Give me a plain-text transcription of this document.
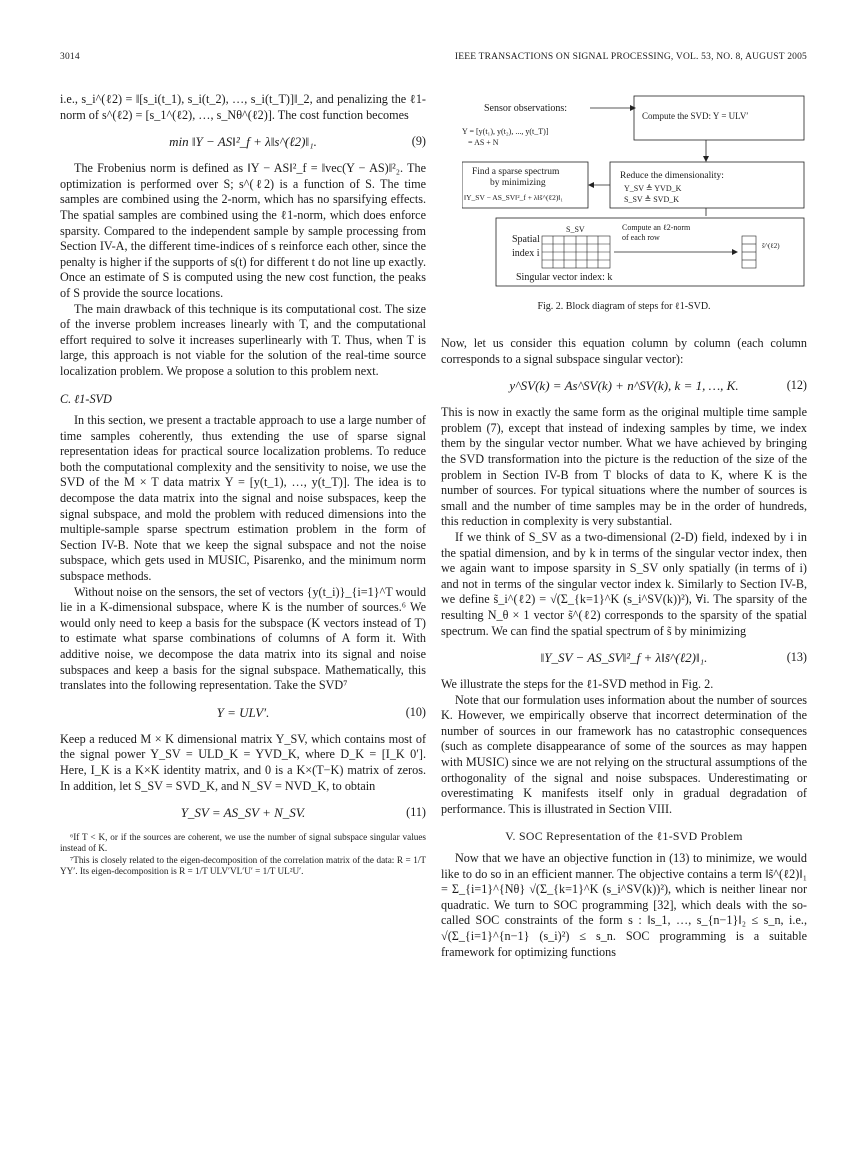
3014	IEEE TRANSACTIONS ON SIGNAL PROCESSING, VOL. 53, NO. 8, AUGUST 2005

i.e., s_i^(ℓ2) = ‖[s_i(t_1), s_i(t_2), …, s_i(t_T)]‖_2, and penalizing the ℓ1-norm of s^(ℓ2) = [s_1^(ℓ2), …, s_Nθ^(ℓ2)]. The cost function becomes

min ‖Y − AS‖²_f + λ‖s^(ℓ2)‖₁.	(9)

The Frobenius norm is defined as ‖Y − AS‖²_f = ‖vec(Y − AS)‖²₂. The optimization is performed over S; s^(ℓ2) is a function of S. The time samples are combined using the 2-norm, which has no sparsifying effects. The spatial samples are combined using the ℓ1-norm, which does enforce sparsity. Compared to the independent sample by sample processing from Section IV-A, the different time-indices of s reinforce each other, since the penalty is higher if the supports of s(t) for different t do not line up exactly. Once an estimate of S is computed using the new cost function, the peaks of S provide the source locations.

The main drawback of this technique is its computational cost. The size of the inverse problem increases linearly with T, and the computational effort required to solve it increases superlinearly with T. Thus, when T is large, this approach is not viable for the solution of the real-time source localization problem. We propose a solution to this problem next.

C. ℓ1-SVD

In this section, we present a tractable approach to use a large number of time samples coherently, thus extending the use of sparse signal representation ideas for practical source localization problems. To reduce both the computational complexity and the sensitivity to noise, we use the SVD of the M × T data matrix Y = [y(t_1), …, y(t_T)]. The idea is to decompose the data matrix into the signal and noise subspaces, keep the signal subspace, and mold the problem with reduced dimensions into the multiple-sample sparse spectrum estimation problem in the form of Section IV-B. Note that we keep the signal subspace and not the noise subspace, which gets used in MUSIC, Pisarenko, and the minimum norm subspace methods.

Without noise on the sensors, the set of vectors {y(t_i)}_{i=1}^T would lie in a K-dimensional subspace, where K is the number of sources.⁶ We would only need to keep a basis for the subspace (K vectors instead of T) to estimate what sparse combinations of columns of A form it. With additive noise, we decompose the data matrix into its signal and noise subspaces and keep a basis for the signal subspace. Mathematically, this translates into the following representation. Take the SVD⁷

Y = ULV′.	(10)

Keep a reduced M × K dimensional matrix Y_SV, which contains most of the signal power Y_SV = ULD_K = YVD_K, where D_K = [I_K 0′]. Here, I_K is a K×K identity matrix, and 0 is a K×(T−K) matrix of zeros. In addition, let S_SV = SVD_K, and N_SV = NVD_K, to obtain

Y_SV = AS_SV + N_SV.	(11)

⁶If T < K, or if the sources are coherent, we use the number of signal subspace singular values instead of K.

⁷This is closely related to the eigen-decomposition of the correlation matrix of the data: R = 1/T YY′. Its eigen-decomposition is R = 1/T ULV′VL′U′ = 1/T UL²U′.

Sensor observations:
Y = [y(t₁), y(t₂), ..., y(t_T)]
= AS + N
Compute the SVD: Y = ULV′
Reduce the dimensionality:
Y_SV ≜ YVD_K
S_SV ≜ SVD_K
Find a sparse spectrum
by minimizing
‖Y_SV − AS_SV‖²_f + λ‖s̃^(ℓ2)‖₁
Spatial
index i
S_SV	Compute an ℓ2-norm
of each row
s̃^(ℓ2)
Singular vector index: k
Fig. 2. Block diagram of steps for ℓ1-SVD.

Now, let us consider this equation column by column (each column corresponds to a signal subspace singular vector):

y^SV(k) = As^SV(k) + n^SV(k), k = 1, …, K.	(12)

This is now in exactly the same form as the original multiple time sample problem (7), except that instead of indexing samples by time, we index them by the singular vector number. What we have achieved by bringing the SVD transformation into the picture is the reduction of the size of the problem in Section IV-B from T blocks of data to K, where K is the number of sources. For typical situations where the number of sources is small and the number of time samples may be in the order of hundreds, this reduction in complexity is very substantial.

If we think of S_SV as a two-dimensional (2-D) field, indexed by i in the spatial dimension, and by k in terms of the singular vector index, then we again want to impose sparsity in S_SV only spatially (in terms of i) and not in terms of the singular vector index k. Similarly to Section IV-B, we define s̃_i^(ℓ2) = √(Σ_{k=1}^K (s_i^SV(k))²), ∀i. The sparsity of the resulting N_θ × 1 vector s̃^(ℓ2) corresponds to the sparsity of the spatial spectrum. We can find the spatial spectrum of s̃ by minimizing

‖Y_SV − AS_SV‖²_f + λ‖s̃^(ℓ2)‖₁.	(13)

We illustrate the steps for the ℓ1-SVD method in Fig. 2.

Note that our formulation uses information about the number of sources K. However, we empirically observe that incorrect determination of the number of sources in our framework has no catastrophic consequences (such as complete disappearance of some of the sources as may happen with MUSIC) since we are not relying on the structural assumptions of the orthogonality of the signal and noise subspaces. Underestimating or overestimating K manifests itself only in gradual degradation of performance. This is illustrated in Section VIII.

V. SOC Representation of the ℓ1-SVD Problem

Now that we have an objective function in (13) to minimize, we would like to do so in an efficient manner. The objective contains a term ‖s̃^(ℓ2)‖₁ = Σ_{i=1}^{Nθ} √(Σ_{k=1}^K (s_i^SV(k))²), which is neither linear nor quadratic. We turn to SOC programming [32], which deals with the so-called SOC constraints of the form s : ‖s_1, …, s_{n−1}‖₂ ≤ s_n, i.e., √(Σ_{i=1}^{n−1} (s_i)²) ≤ s_n. SOC programming is a suitable framework for optimizing functions
